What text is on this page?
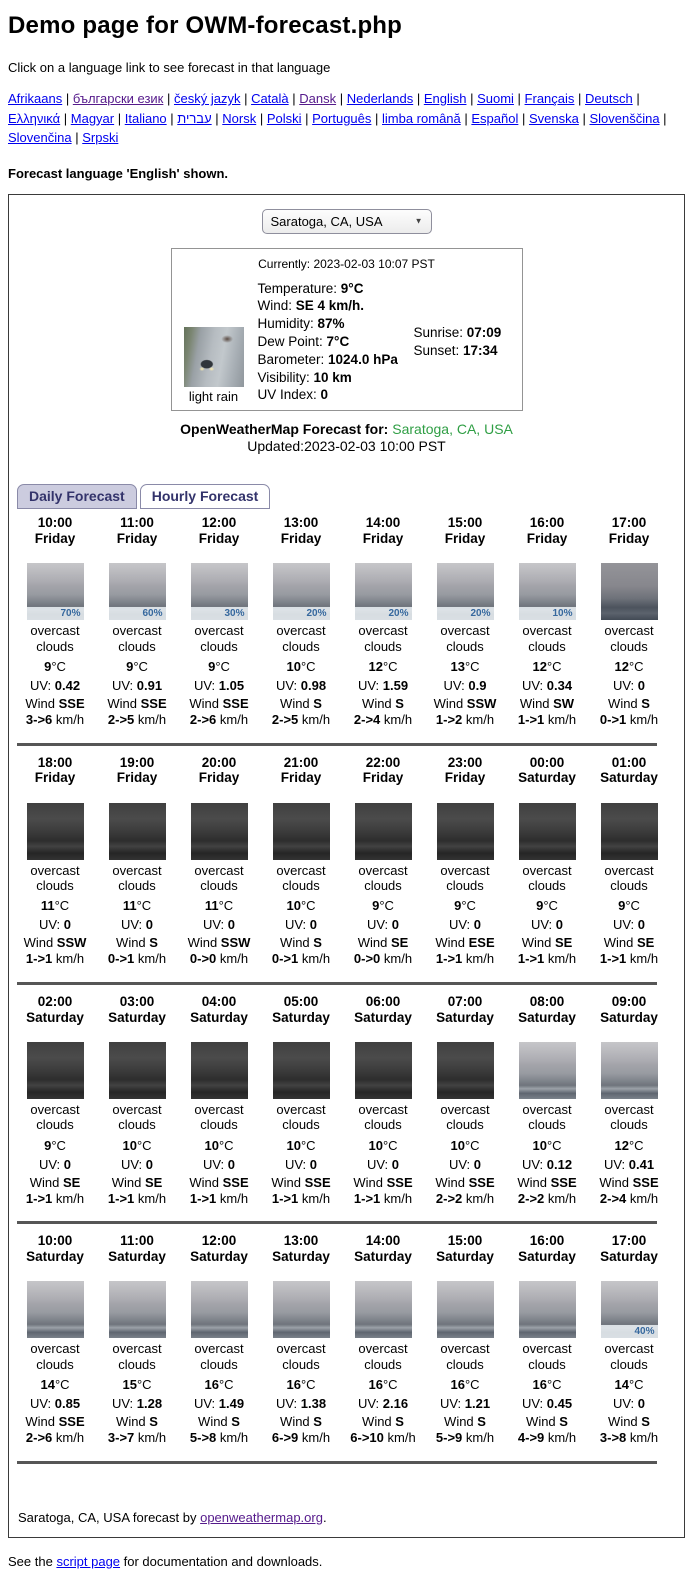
Demo page for OWM-forecast.php
Click on a language link to see forecast in that language
Afrikaans | български език | český jazyk | Català | Dansk | Nederlands | English | Suomi | Français | Deutsch | Ελληνικά | Magyar | Italiano | עברית | Norsk | Polski | Português | limba română | Español | Svenska | Slovenščina | Slovenčina | Srpski
Forecast language 'English' shown.
Saratoga, CA, USA
▼
Currently: 2023-02-03 10:07 PST
light rain
Temperature: 9°C
Wind: SE 4 km/h.
Humidity: 87%
Dew Point: 7°C
Barometer: 1024.0 hPa
Visibility: 10 km
UV Index: 0
Sunrise: 07:09
Sunset: 17:34
OpenWeatherMap Forecast for: Saratoga, CA, USA
Updated:2023-02-03 10:00 PST
Daily Forecast	Hourly Forecast
10:00
Friday
70%
overcast clouds
9°C
UV: 0.42
Wind SSE
3->6 km/h
11:00
Friday
60%
overcast clouds
9°C
UV: 0.91
Wind SSE
2->5 km/h
12:00
Friday
30%
overcast clouds
9°C
UV: 1.05
Wind SSE
2->6 km/h
13:00
Friday
20%
overcast clouds
10°C
UV: 0.98
Wind S
2->5 km/h
14:00
Friday
20%
overcast clouds
12°C
UV: 1.59
Wind S
2->4 km/h
15:00
Friday
20%
overcast clouds
13°C
UV: 0.9
Wind SSW
1->2 km/h
16:00
Friday
10%
overcast clouds
12°C
UV: 0.34
Wind SW
1->1 km/h
17:00
Friday
overcast clouds
12°C
UV: 0
Wind S
0->1 km/h
18:00
Friday
overcast clouds
11°C
UV: 0
Wind SSW
1->1 km/h
19:00
Friday
overcast clouds
11°C
UV: 0
Wind S
0->1 km/h
20:00
Friday
overcast clouds
11°C
UV: 0
Wind SSW
0->0 km/h
21:00
Friday
overcast clouds
10°C
UV: 0
Wind S
0->1 km/h
22:00
Friday
overcast clouds
9°C
UV: 0
Wind SE
0->0 km/h
23:00
Friday
overcast clouds
9°C
UV: 0
Wind ESE
1->1 km/h
00:00
Saturday
overcast clouds
9°C
UV: 0
Wind SE
1->1 km/h
01:00
Saturday
overcast clouds
9°C
UV: 0
Wind SE
1->1 km/h
02:00
Saturday
overcast clouds
9°C
UV: 0
Wind SE
1->1 km/h
03:00
Saturday
overcast clouds
10°C
UV: 0
Wind SE
1->1 km/h
04:00
Saturday
overcast clouds
10°C
UV: 0
Wind SSE
1->1 km/h
05:00
Saturday
overcast clouds
10°C
UV: 0
Wind SSE
1->1 km/h
06:00
Saturday
overcast clouds
10°C
UV: 0
Wind SSE
1->1 km/h
07:00
Saturday
overcast clouds
10°C
UV: 0
Wind SSE
2->2 km/h
08:00
Saturday
overcast clouds
10°C
UV: 0.12
Wind SSE
2->2 km/h
09:00
Saturday
overcast clouds
12°C
UV: 0.41
Wind SSE
2->4 km/h
10:00
Saturday
overcast clouds
14°C
UV: 0.85
Wind SSE
2->6 km/h
11:00
Saturday
overcast clouds
15°C
UV: 1.28
Wind S
3->7 km/h
12:00
Saturday
overcast clouds
16°C
UV: 1.49
Wind S
5->8 km/h
13:00
Saturday
overcast clouds
16°C
UV: 1.38
Wind S
6->9 km/h
14:00
Saturday
overcast clouds
16°C
UV: 2.16
Wind S
6->10 km/h
15:00
Saturday
overcast clouds
16°C
UV: 1.21
Wind S
5->9 km/h
16:00
Saturday
overcast clouds
16°C
UV: 0.45
Wind S
4->9 km/h
17:00
Saturday
40%
overcast clouds
14°C
UV: 0
Wind S
3->8 km/h
Saratoga, CA, USA forecast by openweathermap.org.
See the script page for documentation and downloads.
